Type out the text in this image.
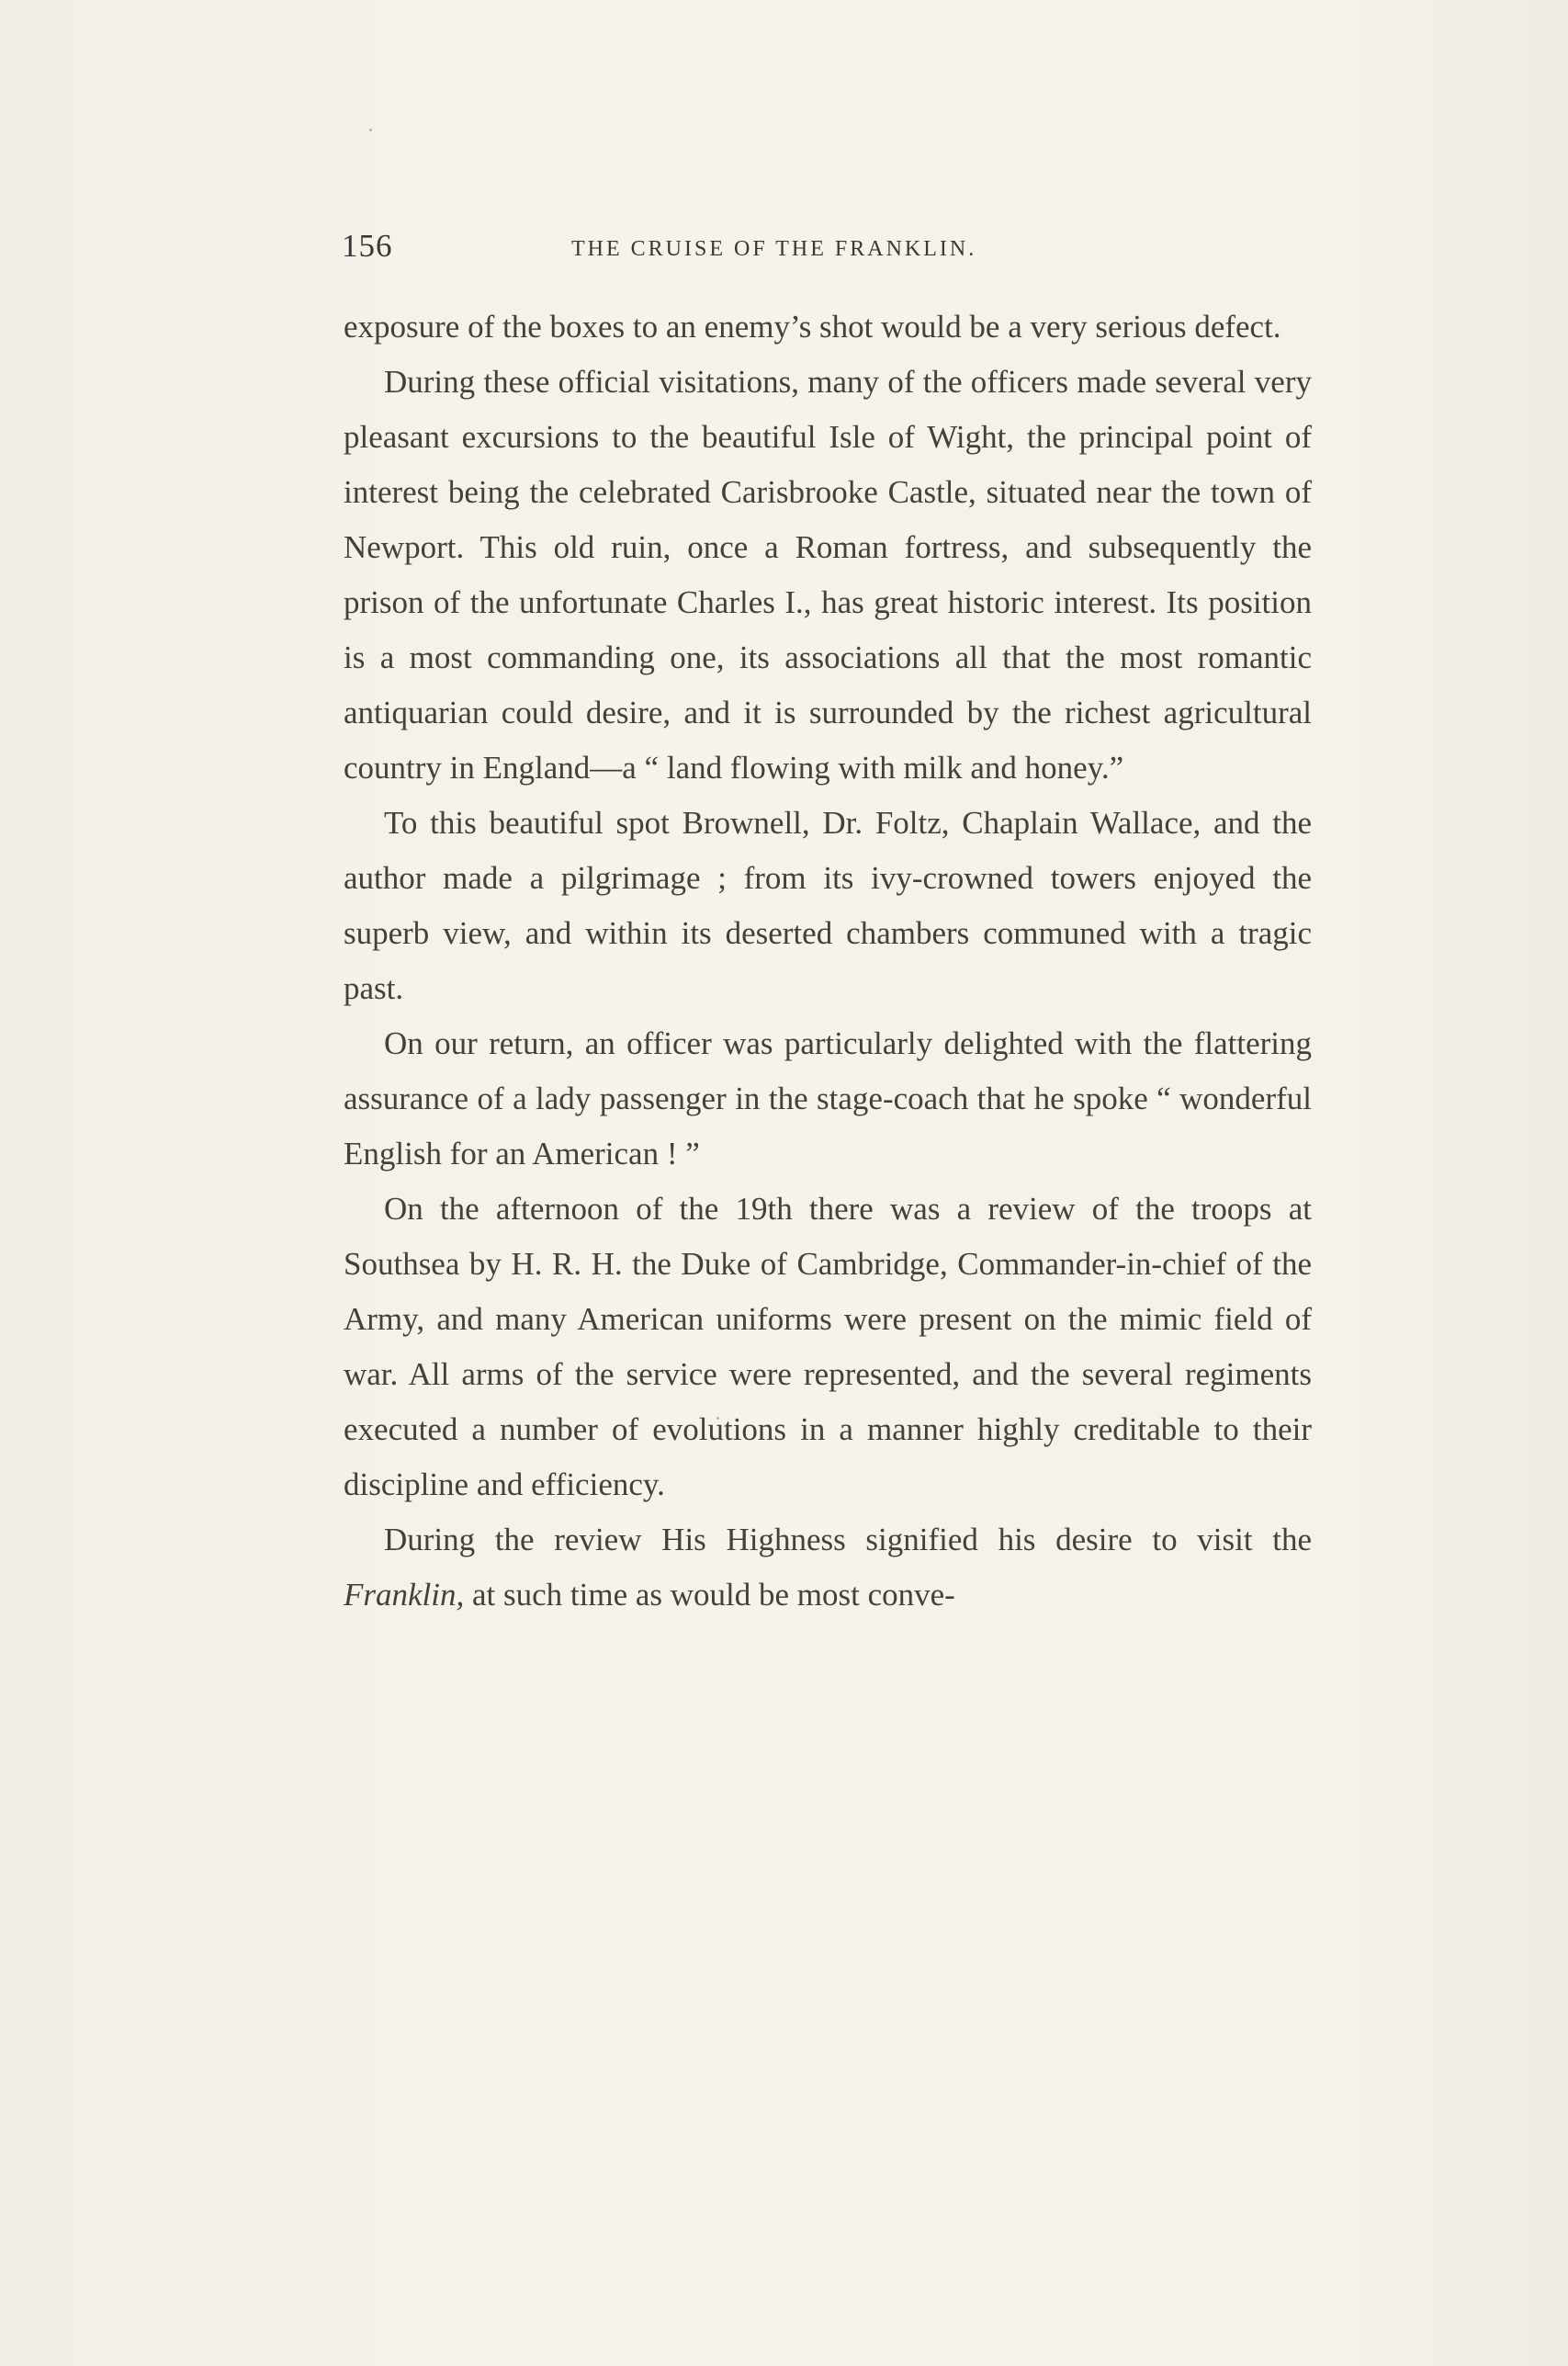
156	THE CRUISE OF THE FRANKLIN.

exposure of the boxes to an enemy’s shot would be a very serious defect.

During these official visitations, many of the officers made several very pleasant excursions to the beautiful Isle of Wight, the principal point of interest being the celebrated Carisbrooke Castle, situated near the town of Newport. This old ruin, once a Roman fortress, and subsequently the prison of the unfortunate Charles I., has great historic interest. Its position is a most commanding one, its associations all that the most romantic antiquarian could desire, and it is surrounded by the richest agricultural country in England—a “ land flowing with milk and honey.”

To this beautiful spot Brownell, Dr. Foltz, Chaplain Wallace, and the author made a pilgrimage ; from its ivy-crowned towers enjoyed the superb view, and within its deserted chambers communed with a tragic past.

On our return, an officer was particularly delighted with the flattering assurance of a lady passenger in the stage-coach that he spoke “ wonderful English for an American ! ”

On the afternoon of the 19th there was a review of the troops at Southsea by H. R. H. the Duke of Cambridge, Commander-in-chief of the Army, and many American uniforms were present on the mimic field of war. All arms of the service were represented, and the several regiments executed a number of evolutions in a manner highly creditable to their discipline and efficiency.

During the review His Highness signified his desire to visit the Franklin, at such time as would be most conve-
